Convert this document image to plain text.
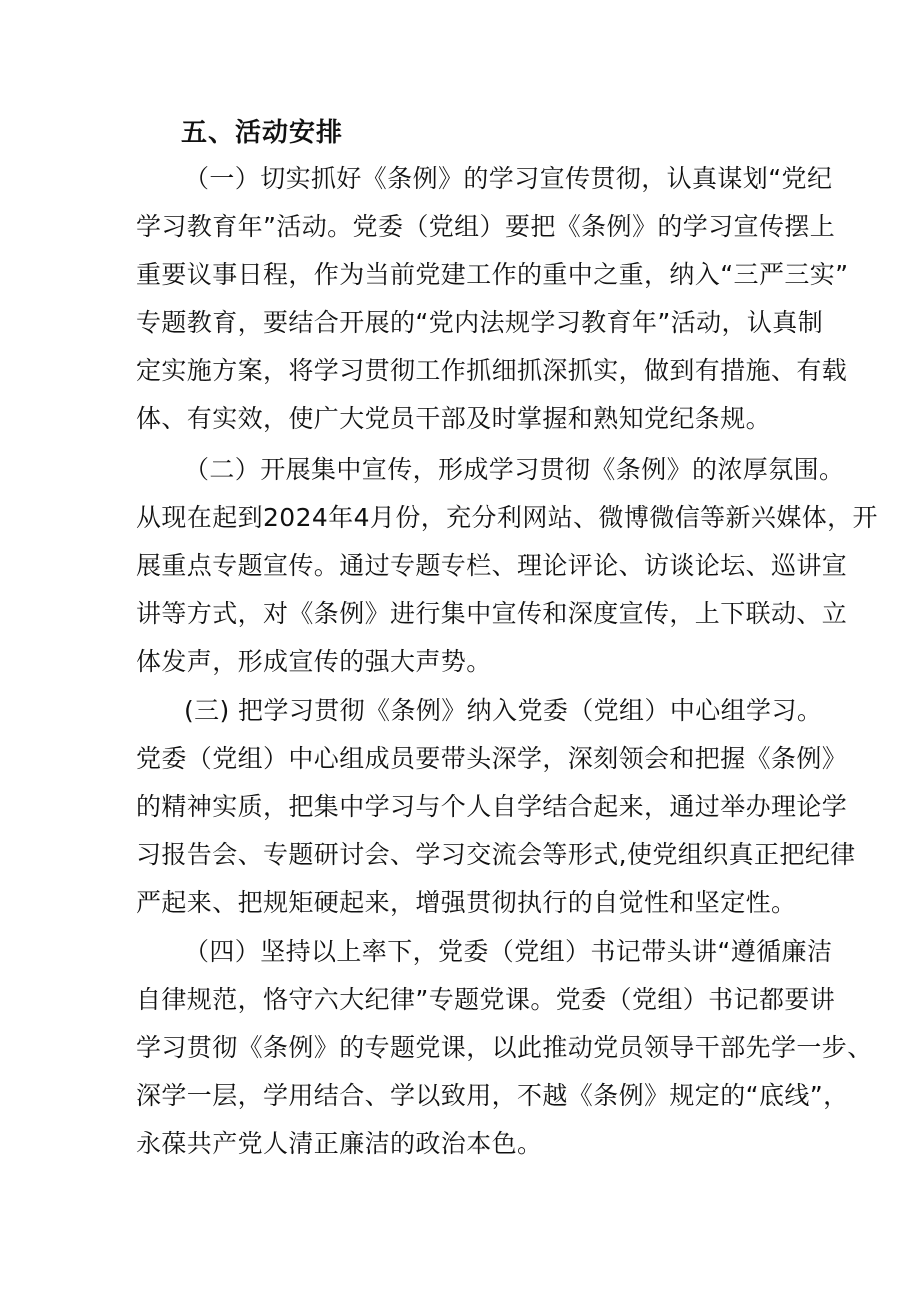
五、活动安排
（一）切实抓好《条例》的学习宣传贯彻，认真谋划“党纪
学习教育年”活动。党委（党组）要把《条例》的学习宣传摆上
重要议事日程，作为当前党建工作的重中之重，纳入“三严三实”
专题教育，要结合开展的“党内法规学习教育年”活动，认真制
定实施方案，将学习贯彻工作抓细抓深抓实，做到有措施、有载
体、有实效，使广大党员干部及时掌握和熟知党纪条规。
（二）开展集中宣传，形成学习贯彻《条例》的浓厚氛围。
从现在起到2024年4月份，充分利网站、微博微信等新兴媒体，开
展重点专题宣传。通过专题专栏、理论评论、访谈论坛、巡讲宣
讲等方式，对《条例》进行集中宣传和深度宣传，上下联动、立
体发声，形成宣传的强大声势。
(三) 把学习贯彻《条例》纳入党委（党组）中心组学习。
党委（党组）中心组成员要带头深学，深刻领会和把握《条例》
的精神实质，把集中学习与个人自学结合起来，通过举办理论学
习报告会、专题研讨会、学习交流会等形式,使党组织真正把纪律
严起来、把规矩硬起来，增强贯彻执行的自觉性和坚定性。
（四）坚持以上率下，党委（党组）书记带头讲“遵循廉洁
自律规范，恪守六大纪律”专题党课。党委（党组）书记都要讲
学习贯彻《条例》的专题党课，以此推动党员领导干部先学一步、
深学一层，学用结合、学以致用，不越《条例》规定的“底线”，
永葆共产党人清正廉洁的政治本色。
